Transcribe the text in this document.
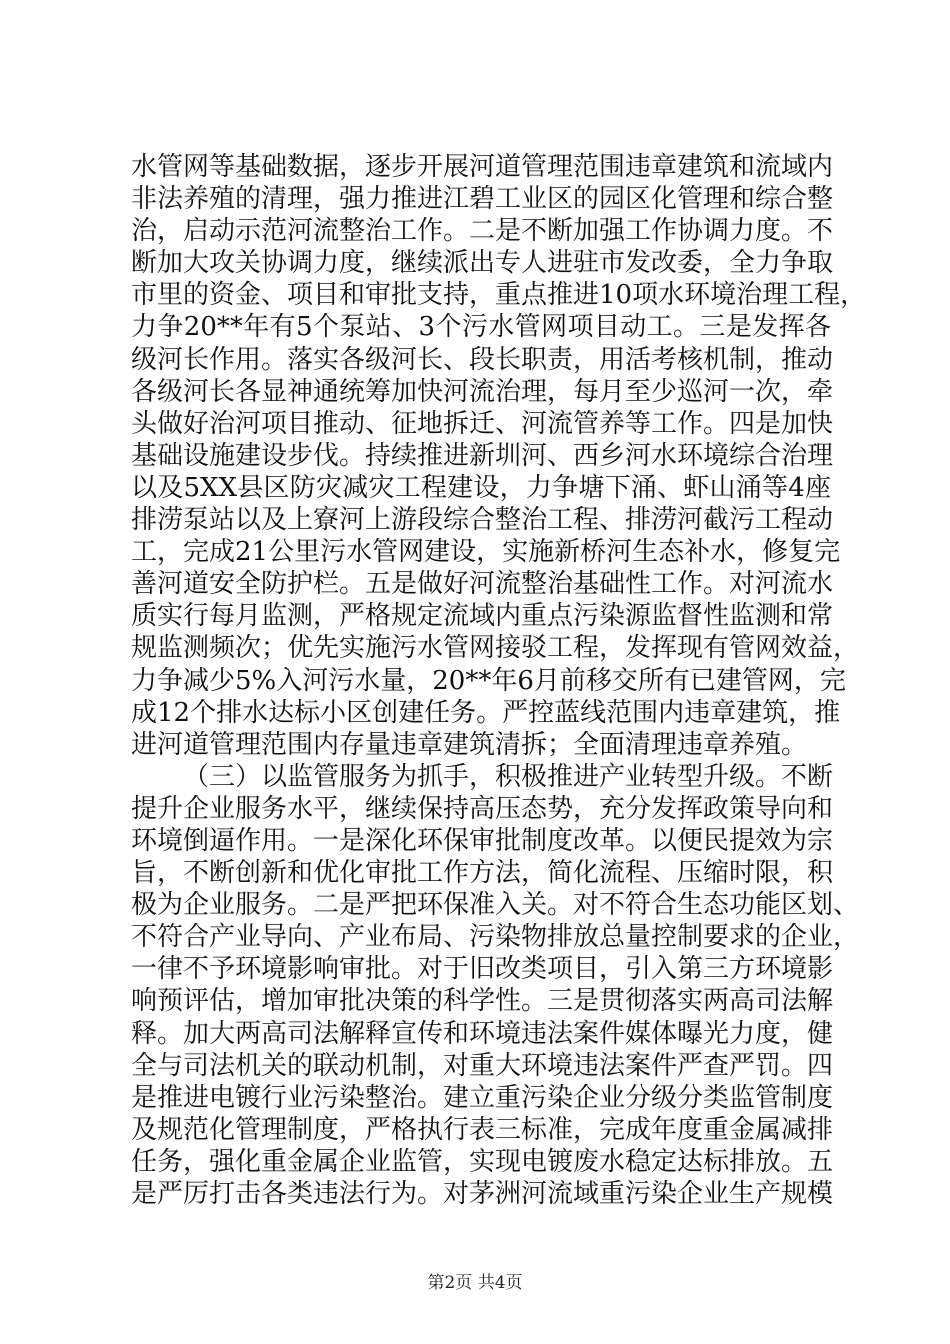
水管网等基础数据，逐步开展河道管理范围违章建筑和流域内
非法养殖的清理，强力推进江碧工业区的园区化管理和综合整
治，启动示范河流整治工作。二是不断加强工作协调力度。不
断加大攻关协调力度，继续派出专人进驻市发改委，全力争取
市里的资金、项目和审批支持，重点推进10项水环境治理工程，
力争20**年有5个泵站、3个污水管网项目动工。三是发挥各
级河长作用。落实各级河长、段长职责，用活考核机制，推动
各级河长各显神通统筹加快河流治理，每月至少巡河一次，牵
头做好治河项目推动、征地拆迁、河流管养等工作。四是加快
基础设施建设步伐。持续推进新圳河、西乡河水环境综合治理
以及5XX县区防灾减灾工程建设，力争塘下涌、虾山涌等4座
排涝泵站以及上寮河上游段综合整治工程、排涝河截污工程动
工，完成21公里污水管网建设，实施新桥河生态补水，修复完
善河道安全防护栏。五是做好河流整治基础性工作。对河流水
质实行每月监测，严格规定流域内重点污染源监督性监测和常
规监测频次；优先实施污水管网接驳工程，发挥现有管网效益，
力争减少5%入河污水量，20**年6月前移交所有已建管网，完
成12个排水达标小区创建任务。严控蓝线范围内违章建筑，推
进河道管理范围内存量违章建筑清拆；全面清理违章养殖。
（三）以监管服务为抓手，积极推进产业转型升级。不断
提升企业服务水平，继续保持高压态势，充分发挥政策导向和
环境倒逼作用。一是深化环保审批制度改革。以便民提效为宗
旨，不断创新和优化审批工作方法，简化流程、压缩时限，积
极为企业服务。二是严把环保准入关。对不符合生态功能区划、
不符合产业导向、产业布局、污染物排放总量控制要求的企业，
一律不予环境影响审批。对于旧改类项目，引入第三方环境影
响预评估，增加审批决策的科学性。三是贯彻落实两高司法解
释。加大两高司法解释宣传和环境违法案件媒体曝光力度，健
全与司法机关的联动机制，对重大环境违法案件严查严罚。四
是推进电镀行业污染整治。建立重污染企业分级分类监管制度
及规范化管理制度，严格执行表三标准，完成年度重金属减排
任务，强化重金属企业监管，实现电镀废水稳定达标排放。五
是严厉打击各类违法行为。对茅洲河流域重污染企业生产规模
第2页 共4页
